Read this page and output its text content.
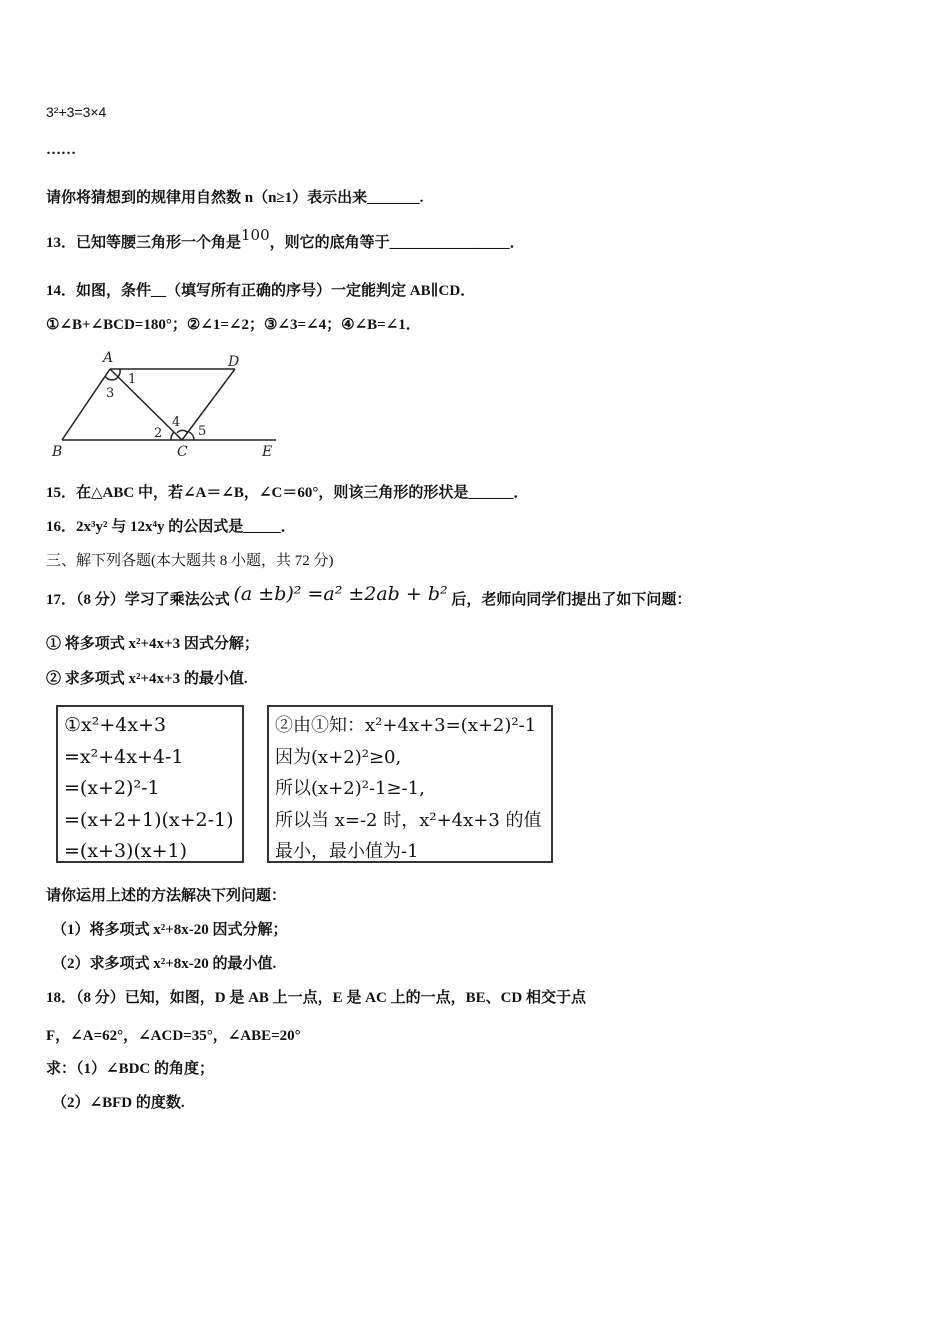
3²+3=3×4
……
请你将猜想到的规律用自然数 n（n≥1）表示出来_______.
13．已知等腰三角形一个角是100，则它的底角等于________________．
14．如图，条件__（填写所有正确的序号）一定能判定 AB∥CD．
①∠B+∠BCD=180°；②∠1=∠2；③∠3=∠4；④∠B=∠1．
A	D
B	C	E
1
3
2
4
5
15．在△ABC 中，若∠A＝∠B，∠C＝60°，则该三角形的形状是______．
16．2x³y² 与 12x⁴y 的公因式是_____．
三、解下列各题(本大题共 8 小题，共 72 分)
17．（8 分）学习了乘法公式 (a ±b)² =a² ±2ab + b² 后，老师向同学们提出了如下问题：
① 将多项式 x²+4x+3 因式分解；
② 求多项式 x²+4x+3 的最小值.
①x²+4x+3
=x²+4x+4-1
=(x+2)²-1
=(x+2+1)(x+2-1)
=(x+3)(x+1)
②由①知：x²+4x+3=(x+2)²-1
因为(x+2)²≥0,
所以(x+2)²-1≥-1,
所以当 x=-2 时，x²+4x+3 的值
最小，最小值为-1
请你运用上述的方法解决下列问题：
（1）将多项式 x²+8x-20 因式分解；
（2）求多项式 x²+8x-20 的最小值.
18．（8 分）已知，如图，D 是 AB 上一点，E 是 AC 上的一点，BE、CD 相交于点
F，∠A=62°，∠ACD=35°，∠ABE=20°
求：（1）∠BDC 的角度；
（2）∠BFD 的度数.
